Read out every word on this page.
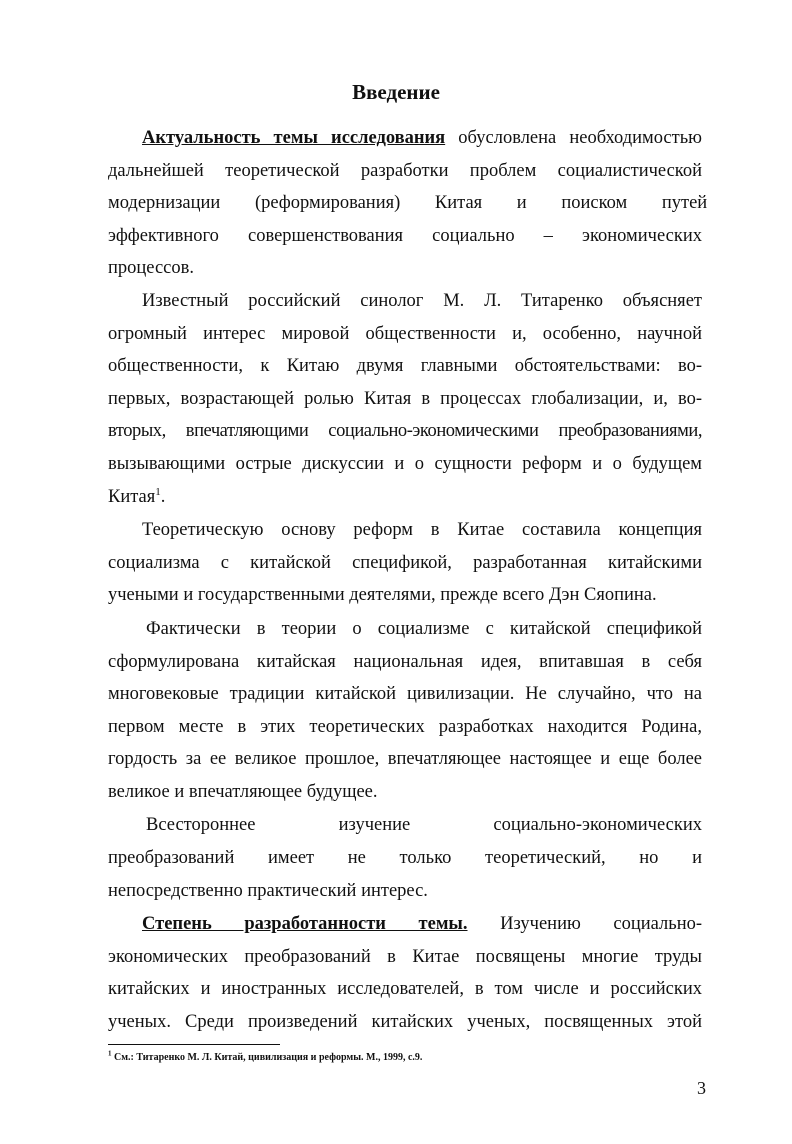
Введение
Актуальность темы исследования обусловлена необходимостью
дальнейшей теоретической разработки проблем социалистической
модернизации (реформирования) Китая и поиском путей
эффективного совершенствования социально – экономических
процессов.
Известный российский синолог М. Л. Титаренко объясняет
огромный интерес мировой общественности и, особенно, научной
общественности, к Китаю двумя главными обстоятельствами: во-
первых, возрастающей ролью Китая в процессах глобализации, и, во-
вторых, впечатляющими социально-экономическими преобразованиями,
вызывающими острые дискуссии и о сущности реформ и о будущем
Китая$^1$.
Теоретическую основу реформ в Китае составила концепция
социализма с китайской спецификой, разработанная китайскими
учеными и государственными деятелями, прежде всего Дэн Сяопина.
Фактически в теории о социализме с китайской спецификой
сформулирована китайская национальная идея, впитавшая в себя
многовековые традиции китайской цивилизации. Не случайно, что на
первом месте в этих теоретических разработках находится Родина,
гордость за ее великое прошлое, впечатляющее настоящее и еще более
великое и впечатляющее будущее.
Всестороннее изучение социально-экономических
преобразований имеет не только теоретический, но и
непосредственно практический интерес.
Степень разработанности темы. Изучению социально-
экономических преобразований в Китае посвящены многие труды
китайских и иностранных исследователей, в том числе и российских
ученых. Среди произведений китайских ученых, посвященных этой
$^1$ См.: Титаренко М. Л. Китай, цивилизация и реформы. М., 1999, с.9.
3
